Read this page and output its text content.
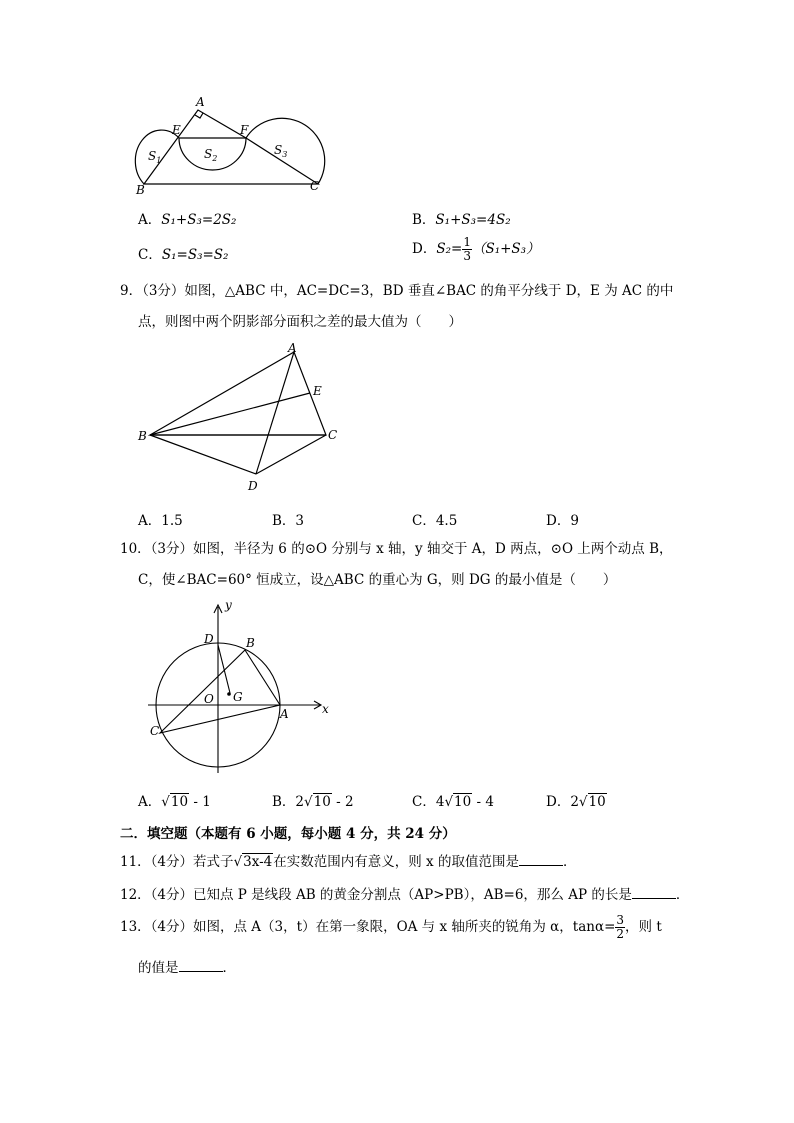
A
E	F
B	C
$S_1$	$S_2$
$S_3$
A．S₁+S₃=2S₂	B．S₁+S₃=4S₂
C．S₁=S₃=S₂	D．$S_2= \frac{1}{3} (S_1+S_3)$
9．（3分）如图，△ABC 中，AC=DC=3，BD 垂直∠BAC 的角平分线于 D，E 为 AC 的中
点，则图中两个阴影部分面积之差的最大值为（　　）
A
E
B	C
D
A．1.5	B．3	C．4.5	D．9
10．（3分）如图，半径为 6 的⊙O 分别与 x 轴，y 轴交于 A，D 两点，⊙O 上两个动点 B，
C，使∠BAC=60° 恒成立，设△ABC 的重心为 G，则 DG 的最小值是（　　）
y
x
D	B
O G
A
C
A．√10 - 1	B．2√10 - 2	C．4√10 - 4	D．2√10
二．填空题（本题有 6 小题，每小题 4 分，共 24 分）
11．（4分）若式子√3x-4在实数范围内有意义，则 x 的取值范围是	．
12．（4分）已知点 P 是线段 AB 的黄金分割点（AP>PB），AB=6，那么 AP 的长是	．
13．（4分）如图，点 A（3，t）在第一象限，OA 与 x 轴所夹的锐角为 α，$\tan\alpha= \frac{3}{2}$ ，则 t
的值是	．
